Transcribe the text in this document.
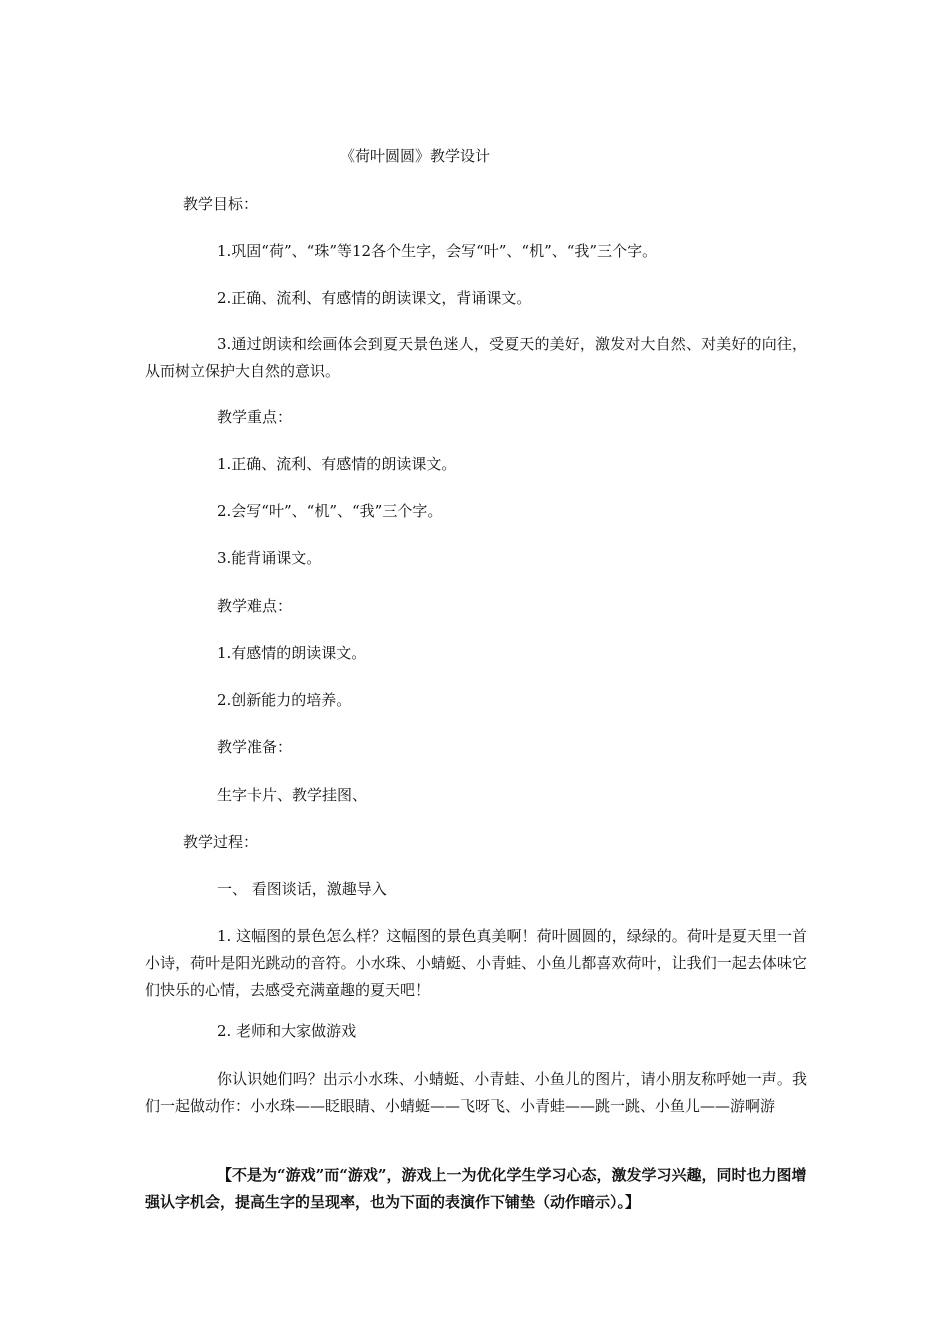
《荷叶圆圆》教学设计
教学目标：
1.巩固“荷”、“珠”等12各个生字，会写“叶”、“机”、“我”三个字。
2.正确、流利、有感情的朗读课文，背诵课文。
3.通过朗读和绘画体会到夏天景色迷人，受夏天的美好，激发对大自然、对美好的向往，从而树立保护大自然的意识。
教学重点：
1.正确、流利、有感情的朗读课文。
2.会写“叶”、“机”、“我”三个字。
3.能背诵课文。
教学难点：
1.有感情的朗读课文。
2.创新能力的培养。
教学准备：
生字卡片、教学挂图、
教学过程：
一、 看图谈话，激趣导入
1. 这幅图的景色怎么样？这幅图的景色真美啊！荷叶圆圆的，绿绿的。荷叶是夏天里一首小诗，荷叶是阳光跳动的音符。小水珠、小蜻蜓、小青蛙、小鱼儿都喜欢荷叶，让我们一起去体味它们快乐的心情，去感受充满童趣的夏天吧！
2. 老师和大家做游戏
你认识她们吗？出示小水珠、小蜻蜓、小青蛙、小鱼儿的图片，请小朋友称呼她一声。我们一起做动作：小水珠——眨眼睛、小蜻蜓——飞呀飞、小青蛙——跳一跳、小鱼儿——游啊游
【不是为“游戏”而“游戏”，游戏上一为优化学生学习心态，激发学习兴趣，同时也力图增强认字机会，提高生字的呈现率，也为下面的表演作下铺垫（动作暗示）。】
